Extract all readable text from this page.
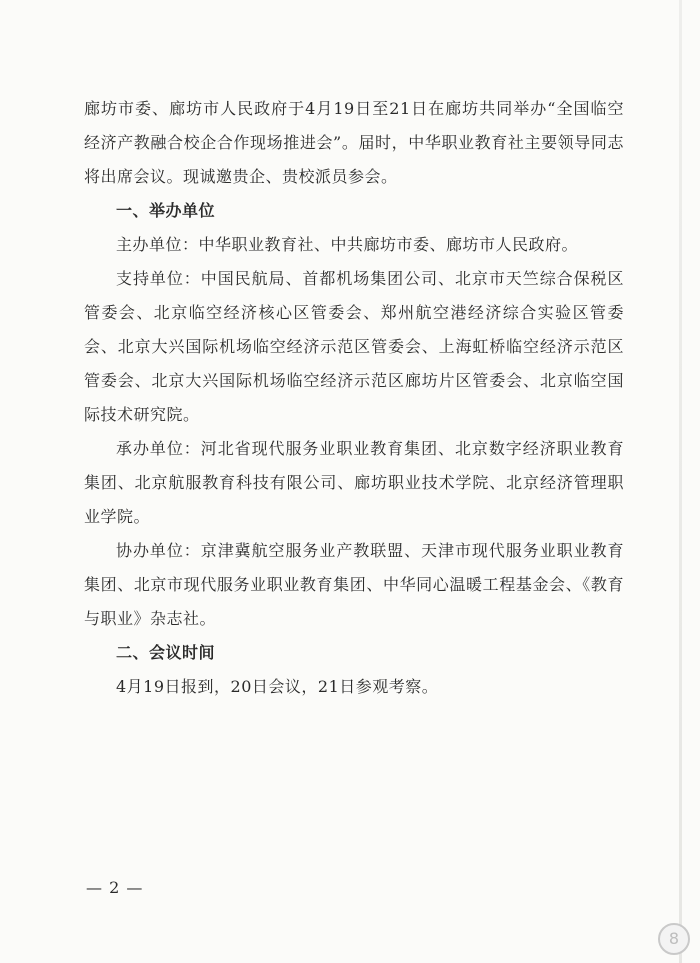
廊坊市委、廊坊市人民政府于4月19日至21日在廊坊共同举办“全国临空经济产教融合校企合作现场推进会”。届时，中华职业教育社主要领导同志将出席会议。现诚邀贵企、贵校派员参会。

一、举办单位

主办单位：中华职业教育社、中共廊坊市委、廊坊市人民政府。

支持单位：中国民航局、首都机场集团公司、北京市天竺综合保税区管委会、北京临空经济核心区管委会、郑州航空港经济综合实验区管委会、北京大兴国际机场临空经济示范区管委会、上海虹桥临空经济示范区管委会、北京大兴国际机场临空经济示范区廊坊片区管委会、北京临空国际技术研究院。

承办单位：河北省现代服务业职业教育集团、北京数字经济职业教育集团、北京航服教育科技有限公司、廊坊职业技术学院、北京经济管理职业学院。

协办单位：京津冀航空服务业产教联盟、天津市现代服务业职业教育集团、北京市现代服务业职业教育集团、中华同心温暖工程基金会、《教育与职业》杂志社。

二、会议时间

4月19日报到，20日会议，21日参观考察。

— 2 —
8
